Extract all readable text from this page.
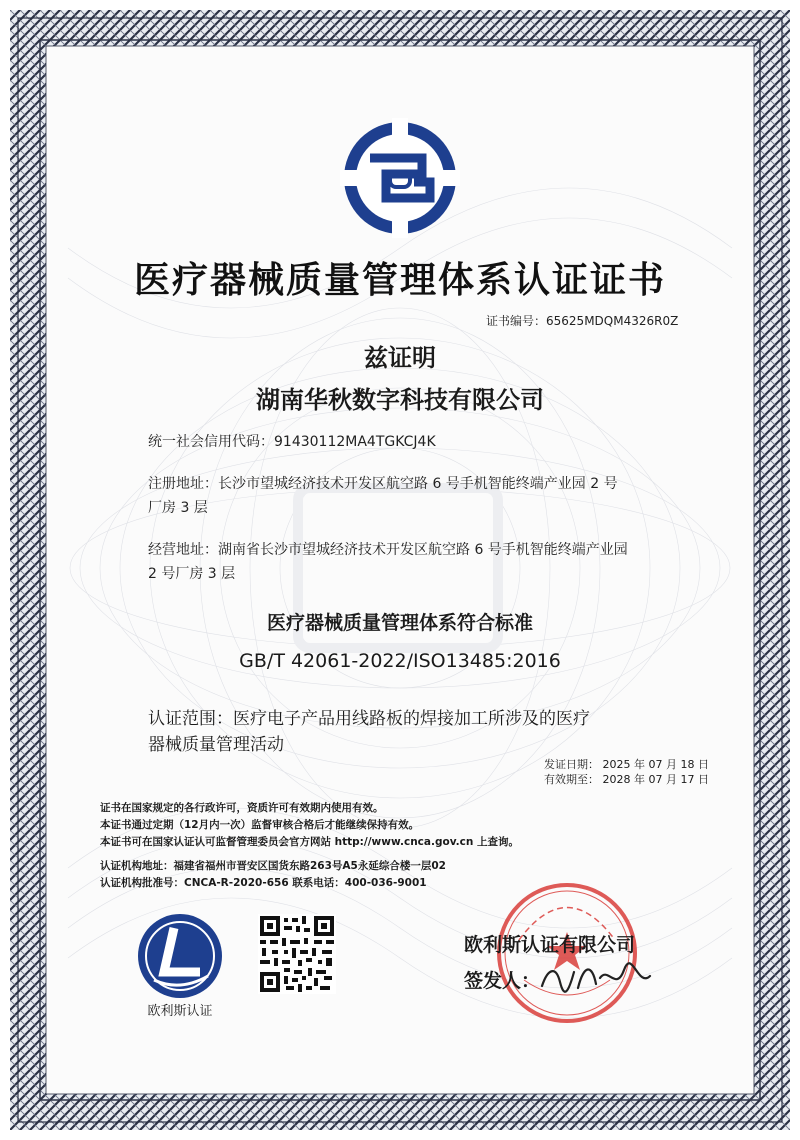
医疗器械质量管理体系认证证书
证书编号：65625MDQM4326R0Z
兹证明
湖南华秋数字科技有限公司
统一社会信用代码：91430112MA4TGKCJ4K
注册地址：长沙市望城经济技术开发区航空路 6 号手机智能终端产业园 2 号
厂房 3 层
经营地址：湖南省长沙市望城经济技术开发区航空路 6 号手机智能终端产业园
2 号厂房 3 层
医疗器械质量管理体系符合标准
GB/T 42061-2022/ISO13485:2016
认证范围：医疗电子产品用线路板的焊接加工所涉及的医疗
器械质量管理活动
发证日期： 2025 年 07 月 18 日
有效期至： 2028 年 07 月 17 日
证书在国家规定的各行政许可，资质许可有效期内使用有效。
本证书通过定期（12月内一次）监督审核合格后才能继续保持有效。
本证书可在国家认证认可监督管理委员会官方网站 http://www.cnca.gov.cn 上查询。
认证机构地址：福建省福州市晋安区国货东路263号A5永延综合楼一层02
认证机构批准号：CNCA-R-2020-656 联系电话：400-036-9001
欧利斯认证
欧利斯认证有限公司
签发人：
